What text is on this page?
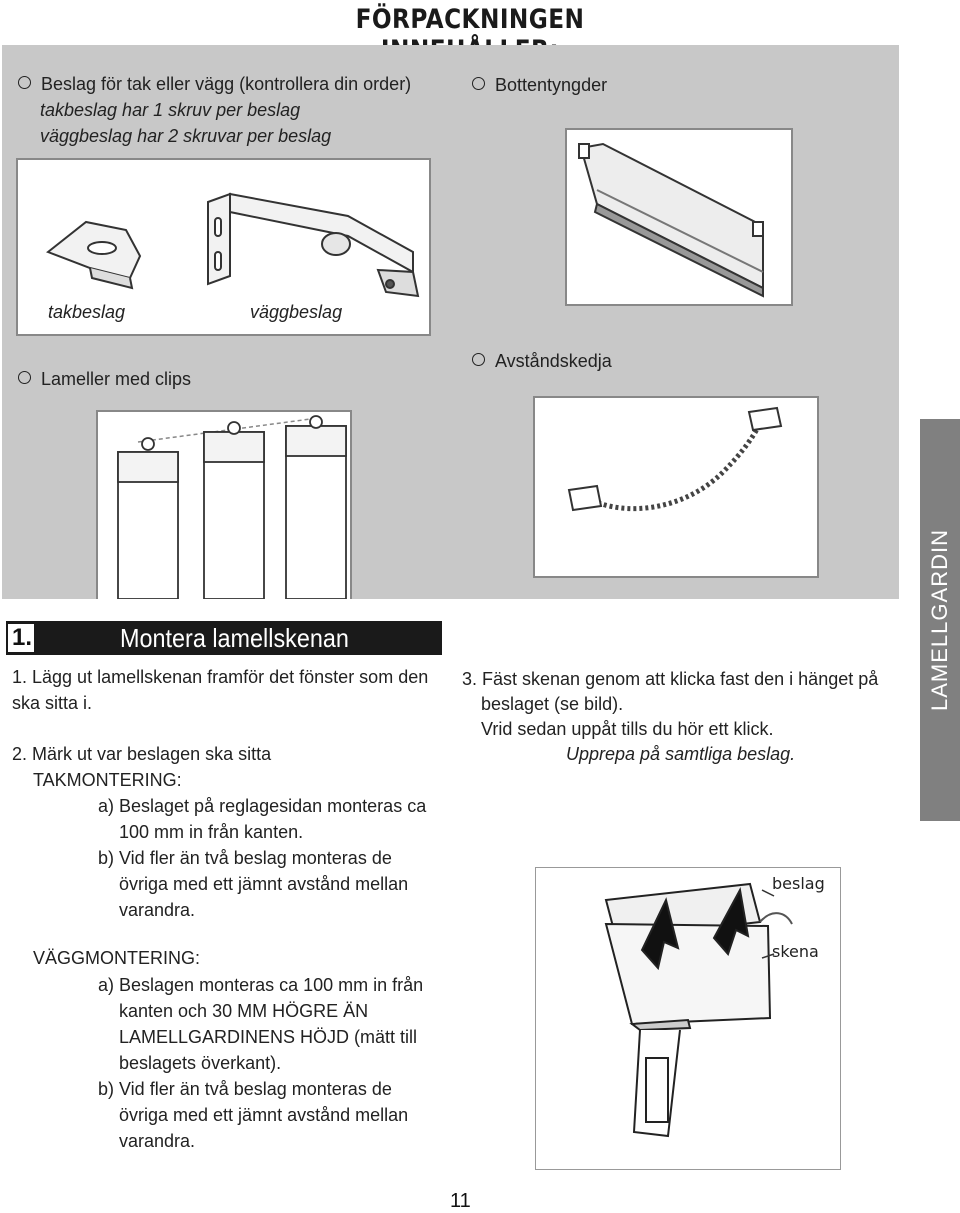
FÖRPACKNINGEN
Beslag för tak eller vägg (kontrollera din order)
takbeslag har 1 skruv per beslag
väggbeslag har 2 skruvar per beslag
takbeslag	väggbeslag
Bottentyngder
Lameller med clips
Avståndskedja
LAMELLGARDIN
1.	Montera lamellskenan
1. Lägg ut lamellskenan framför det fönster som den
ska sitta i.
2. Märk ut var beslagen ska sitta
TAKMONTERING:
a) Beslaget på reglagesidan monteras ca
100 mm in från kanten.
b) Vid fler än två beslag monteras de
övriga med ett jämnt avstånd mellan
varandra.
VÄGGMONTERING:
a) Beslagen monteras ca 100 mm in från
kanten och 30 MM HÖGRE ÄN
LAMELLGARDINENS HÖJD (mätt till
beslagets överkant).
b) Vid fler än två beslag monteras de
övriga med ett jämnt avstånd mellan
varandra.
3. Fäst skenan genom att klicka fast den i hänget på
beslaget (se bild).
Vrid sedan uppåt tills du hör ett klick.
Upprepa på samtliga beslag.
beslag
skena
11
